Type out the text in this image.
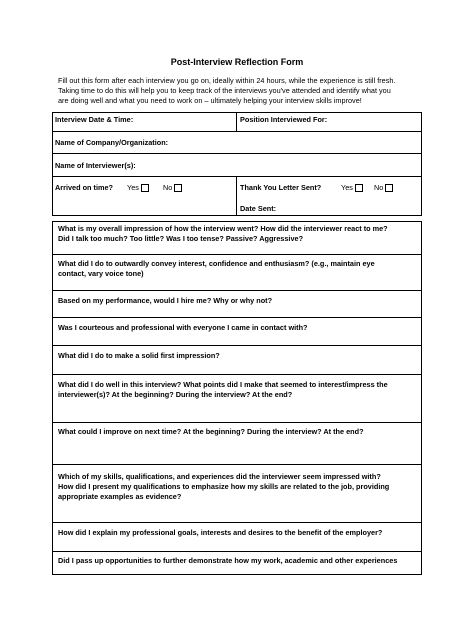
Post-Interview Reflection Form
Fill out this form after each interview you go on, ideally within 24 hours, while the experience is still fresh.
Taking time to do this will help you to keep track of the interviews you've attended and identify what you
are doing well and what you need to work on – ultimately helping your interview skills improve!
Interview Date & Time:	Position Interviewed For:
Name of Company/Organization:
Name of Interviewer(s):
Arrived on time? Yes	No	Thank You Letter Sent?	Yes	No
Date Sent:
What is my overall impression of how the interview went? How did the interviewer react to me?
Did I talk too much? Too little? Was I too tense? Passive? Aggressive?
What did I do to outwardly convey interest, confidence and enthusiasm? (e.g., maintain eye
contact, vary voice tone)
Based on my performance, would I hire me? Why or why not?
Was I courteous and professional with everyone I came in contact with?
What did I do to make a solid first impression?
What did I do well in this interview? What points did I make that seemed to interest/impress the
interviewer(s)? At the beginning? During the interview? At the end?
What could I improve on next time? At the beginning? During the interview? At the end?
Which of my skills, qualifications, and experiences did the interviewer seem impressed with?
How did I present my qualifications to emphasize how my skills are related to the job, providing
appropriate examples as evidence?
How did I explain my professional goals, interests and desires to the benefit of the employer?
Did I pass up opportunities to further demonstrate how my work, academic and other experiences
